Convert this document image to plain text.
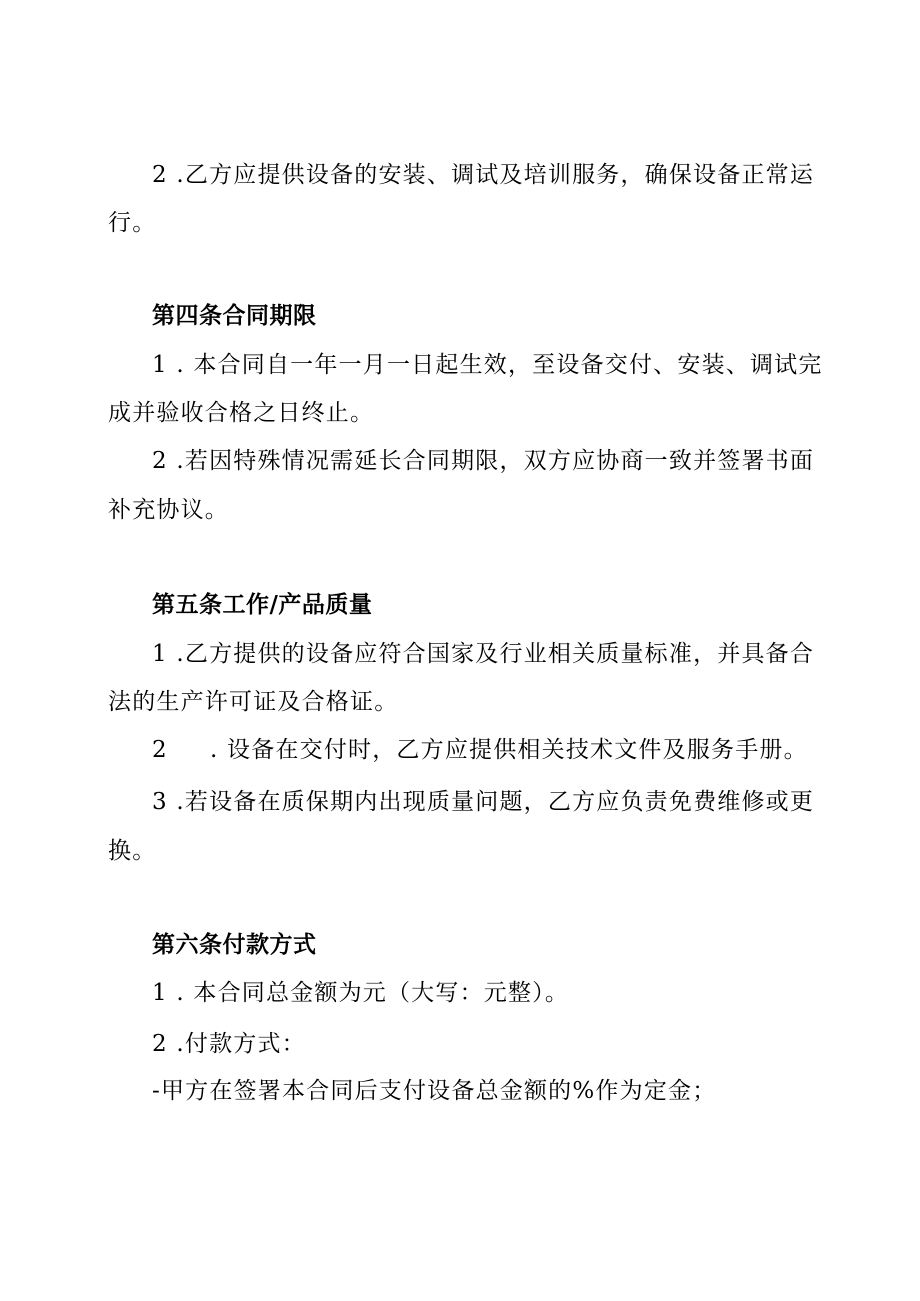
2 .乙方应提供设备的安装、调试及培训服务，确保设备正常运
行。
第四条合同期限
1 . 本合同自一年一月一日起生效，至设备交付、安装、调试完
成并验收合格之日终止。
2 .若因特殊情况需延长合同期限，双方应协商一致并签署书面
补充协议。
第五条工作/产品质量
1 .乙方提供的设备应符合国家及行业相关质量标准，并具备合
法的生产许可证及合格证。
2 . 设备在交付时，乙方应提供相关技术文件及服务手册。
3 .若设备在质保期内出现质量问题，乙方应负责免费维修或更
换。
第六条付款方式
1 . 本合同总金额为元（大写：元整）。
2 .付款方式：
-甲方在签署本合同后支付设备总金额的%作为定金；
